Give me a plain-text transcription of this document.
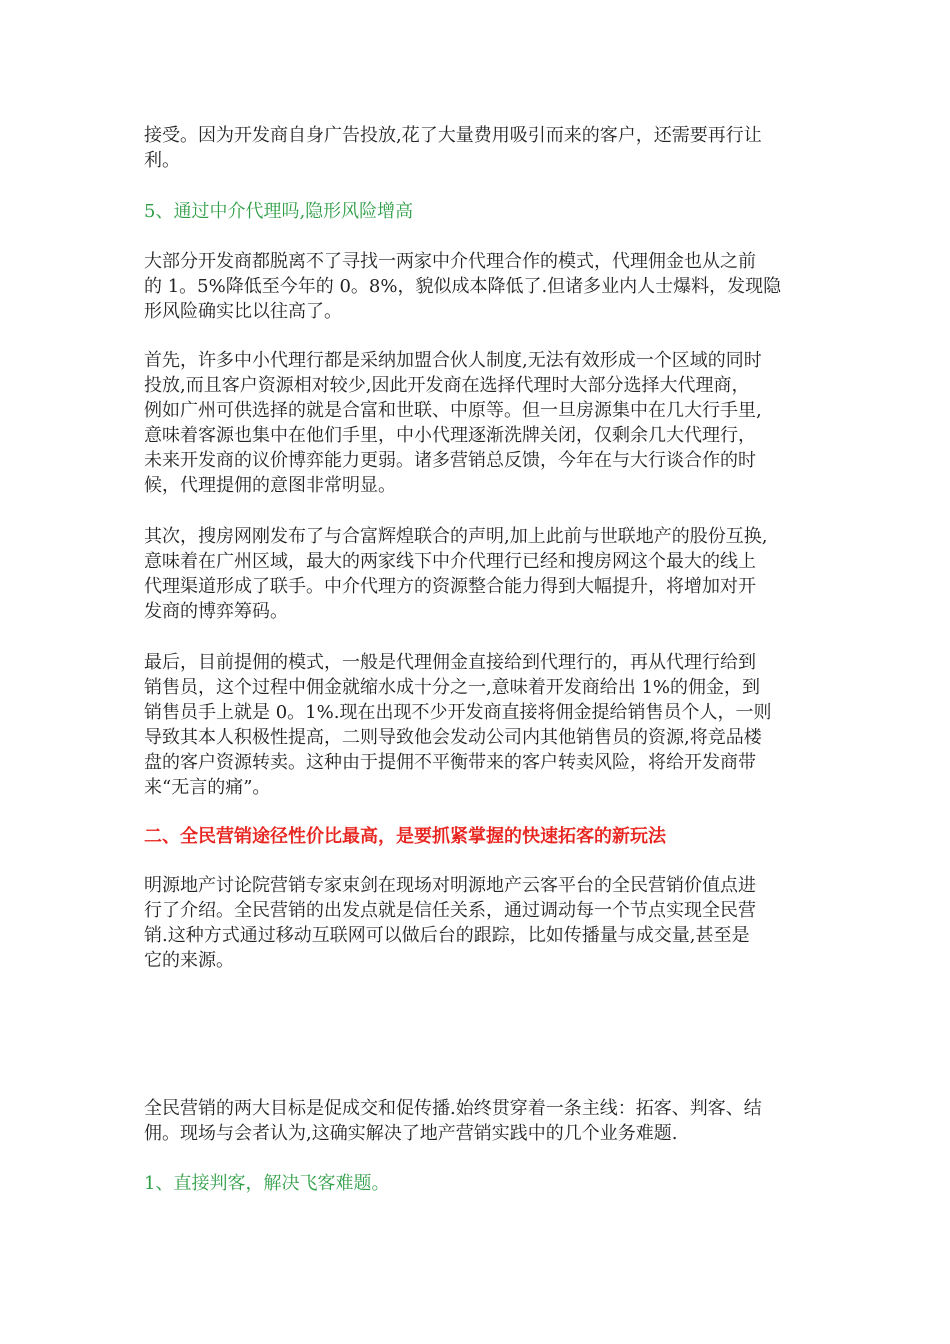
接受。因为开发商自身广告投放,花了大量费用吸引而来的客户，还需要再行让
利。
5、通过中介代理吗,隐形风险增高
大部分开发商都脱离不了寻找一两家中介代理合作的模式，代理佣金也从之前
的 1。5%降低至今年的 0。8%，貌似成本降低了.但诸多业内人士爆料，发现隐
形风险确实比以往高了。
首先，许多中小代理行都是采纳加盟合伙人制度,无法有效形成一个区域的同时
投放,而且客户资源相对较少,因此开发商在选择代理时大部分选择大代理商，
例如广州可供选择的就是合富和世联、中原等。但一旦房源集中在几大行手里,
意味着客源也集中在他们手里，中小代理逐渐洗牌关闭，仅剩余几大代理行，
未来开发商的议价博弈能力更弱。诸多营销总反馈，今年在与大行谈合作的时
候，代理提佣的意图非常明显。
其次，搜房网刚发布了与合富辉煌联合的声明,加上此前与世联地产的股份互换,
意味着在广州区域，最大的两家线下中介代理行已经和搜房网这个最大的线上
代理渠道形成了联手。中介代理方的资源整合能力得到大幅提升，将增加对开
发商的博弈筹码。
最后，目前提佣的模式，一般是代理佣金直接给到代理行的，再从代理行给到
销售员，这个过程中佣金就缩水成十分之一,意味着开发商给出 1%的佣金，到
销售员手上就是 0。1%.现在出现不少开发商直接将佣金提给销售员个人，一则
导致其本人积极性提高，二则导致他会发动公司内其他销售员的资源,将竞品楼
盘的客户资源转卖。这种由于提佣不平衡带来的客户转卖风险，将给开发商带
来“无言的痛”。
二、全民营销途径性价比最高，是要抓紧掌握的快速拓客的新玩法
明源地产讨论院营销专家束剑在现场对明源地产云客平台的全民营销价值点进
行了介绍。全民营销的出发点就是信任关系，通过调动每一个节点实现全民营
销.这种方式通过移动互联网可以做后台的跟踪，比如传播量与成交量,甚至是
它的来源。
全民营销的两大目标是促成交和促传播.始终贯穿着一条主线：拓客、判客、结
佣。现场与会者认为,这确实解决了地产营销实践中的几个业务难题.
1、直接判客，解决飞客难题。
